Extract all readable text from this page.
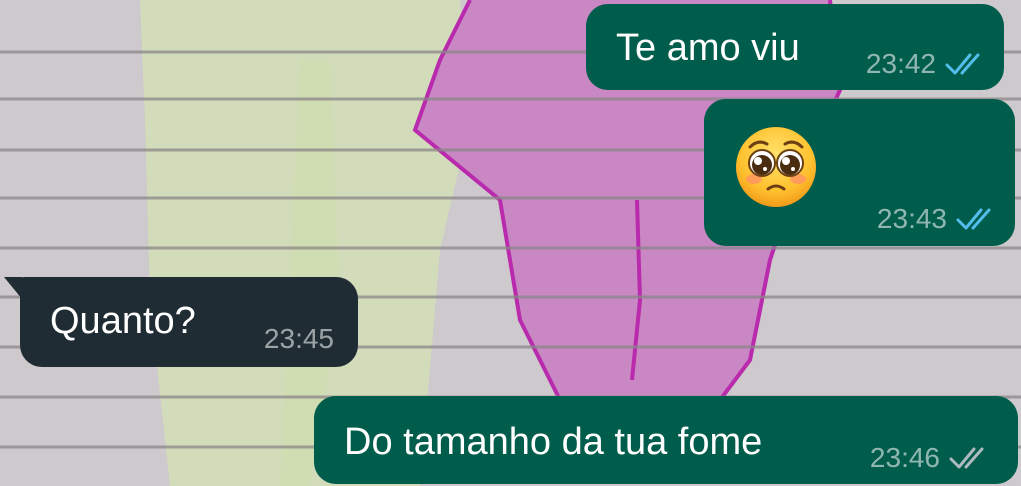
Te amo viu 23:42
23:43
Quanto? 23:45
Do tamanho da tua fome	23:46
